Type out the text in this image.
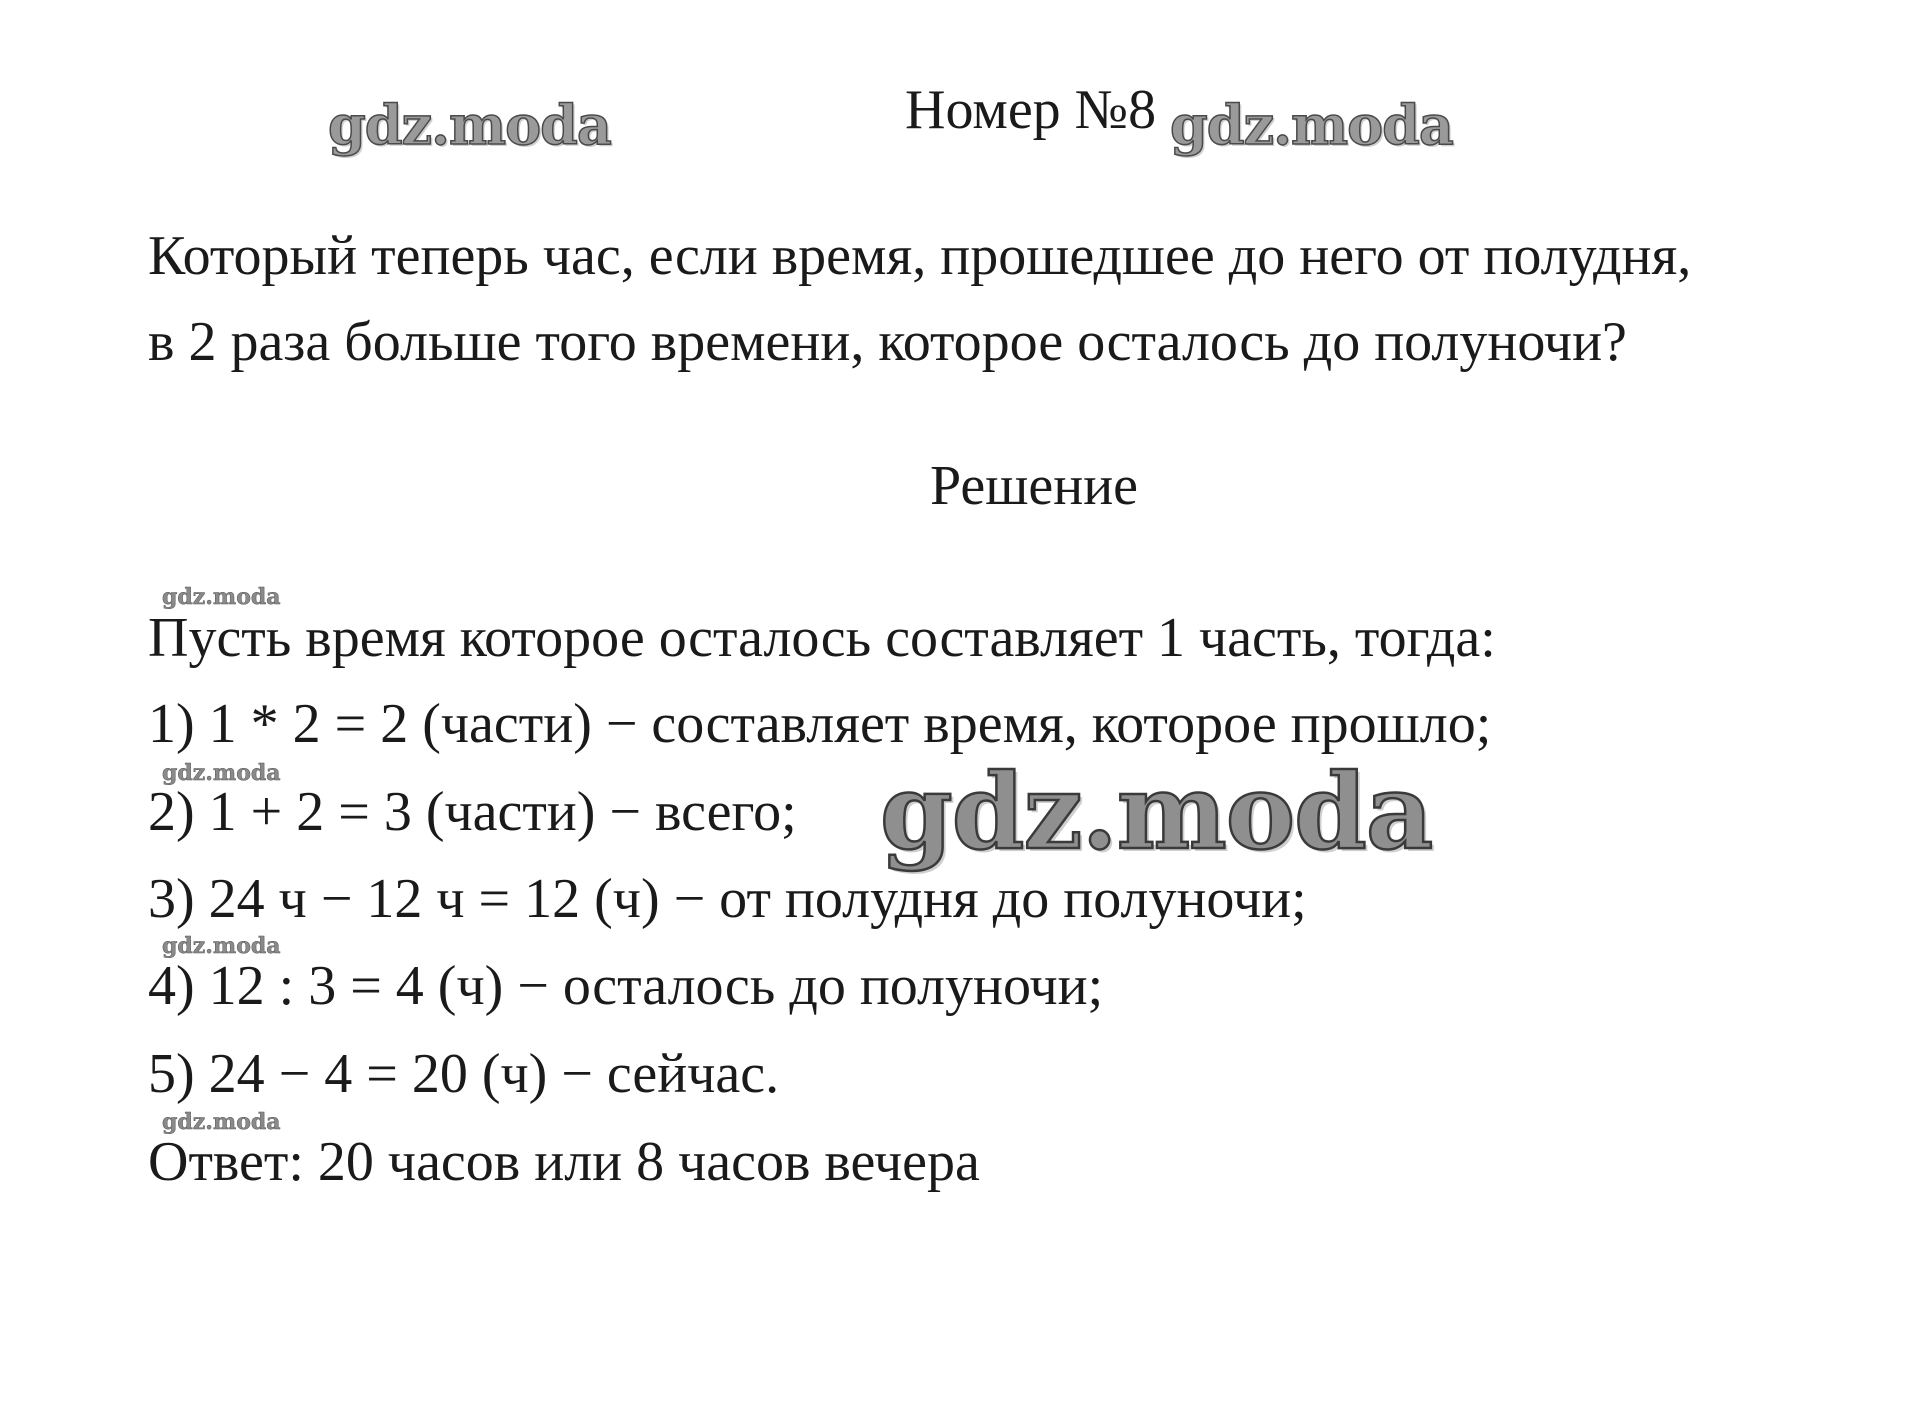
gdz.moda	gdz.moda
gdz.moda
gdz.moda
gdz.moda
gdz.moda
Номер №8
Который теперь час, если время, прошедшее до него от полудня,
в 2 раза больше того времени, которое осталось до полуночи?
Решение
Пусть время которое осталось составляет 1 часть, тогда:
1) 1 * 2 = 2 (части) − составляет время, которое прошло;
2) 1 + 2 = 3 (части) − всего;
3) 24 ч − 12 ч = 12 (ч) − от полудня до полуночи;
4) 12 : 3 = 4 (ч) − осталось до полуночи;
5) 24 − 4 = 20 (ч) − сейчас.
Ответ: 20 часов или 8 часов вечера
gdz.moda
